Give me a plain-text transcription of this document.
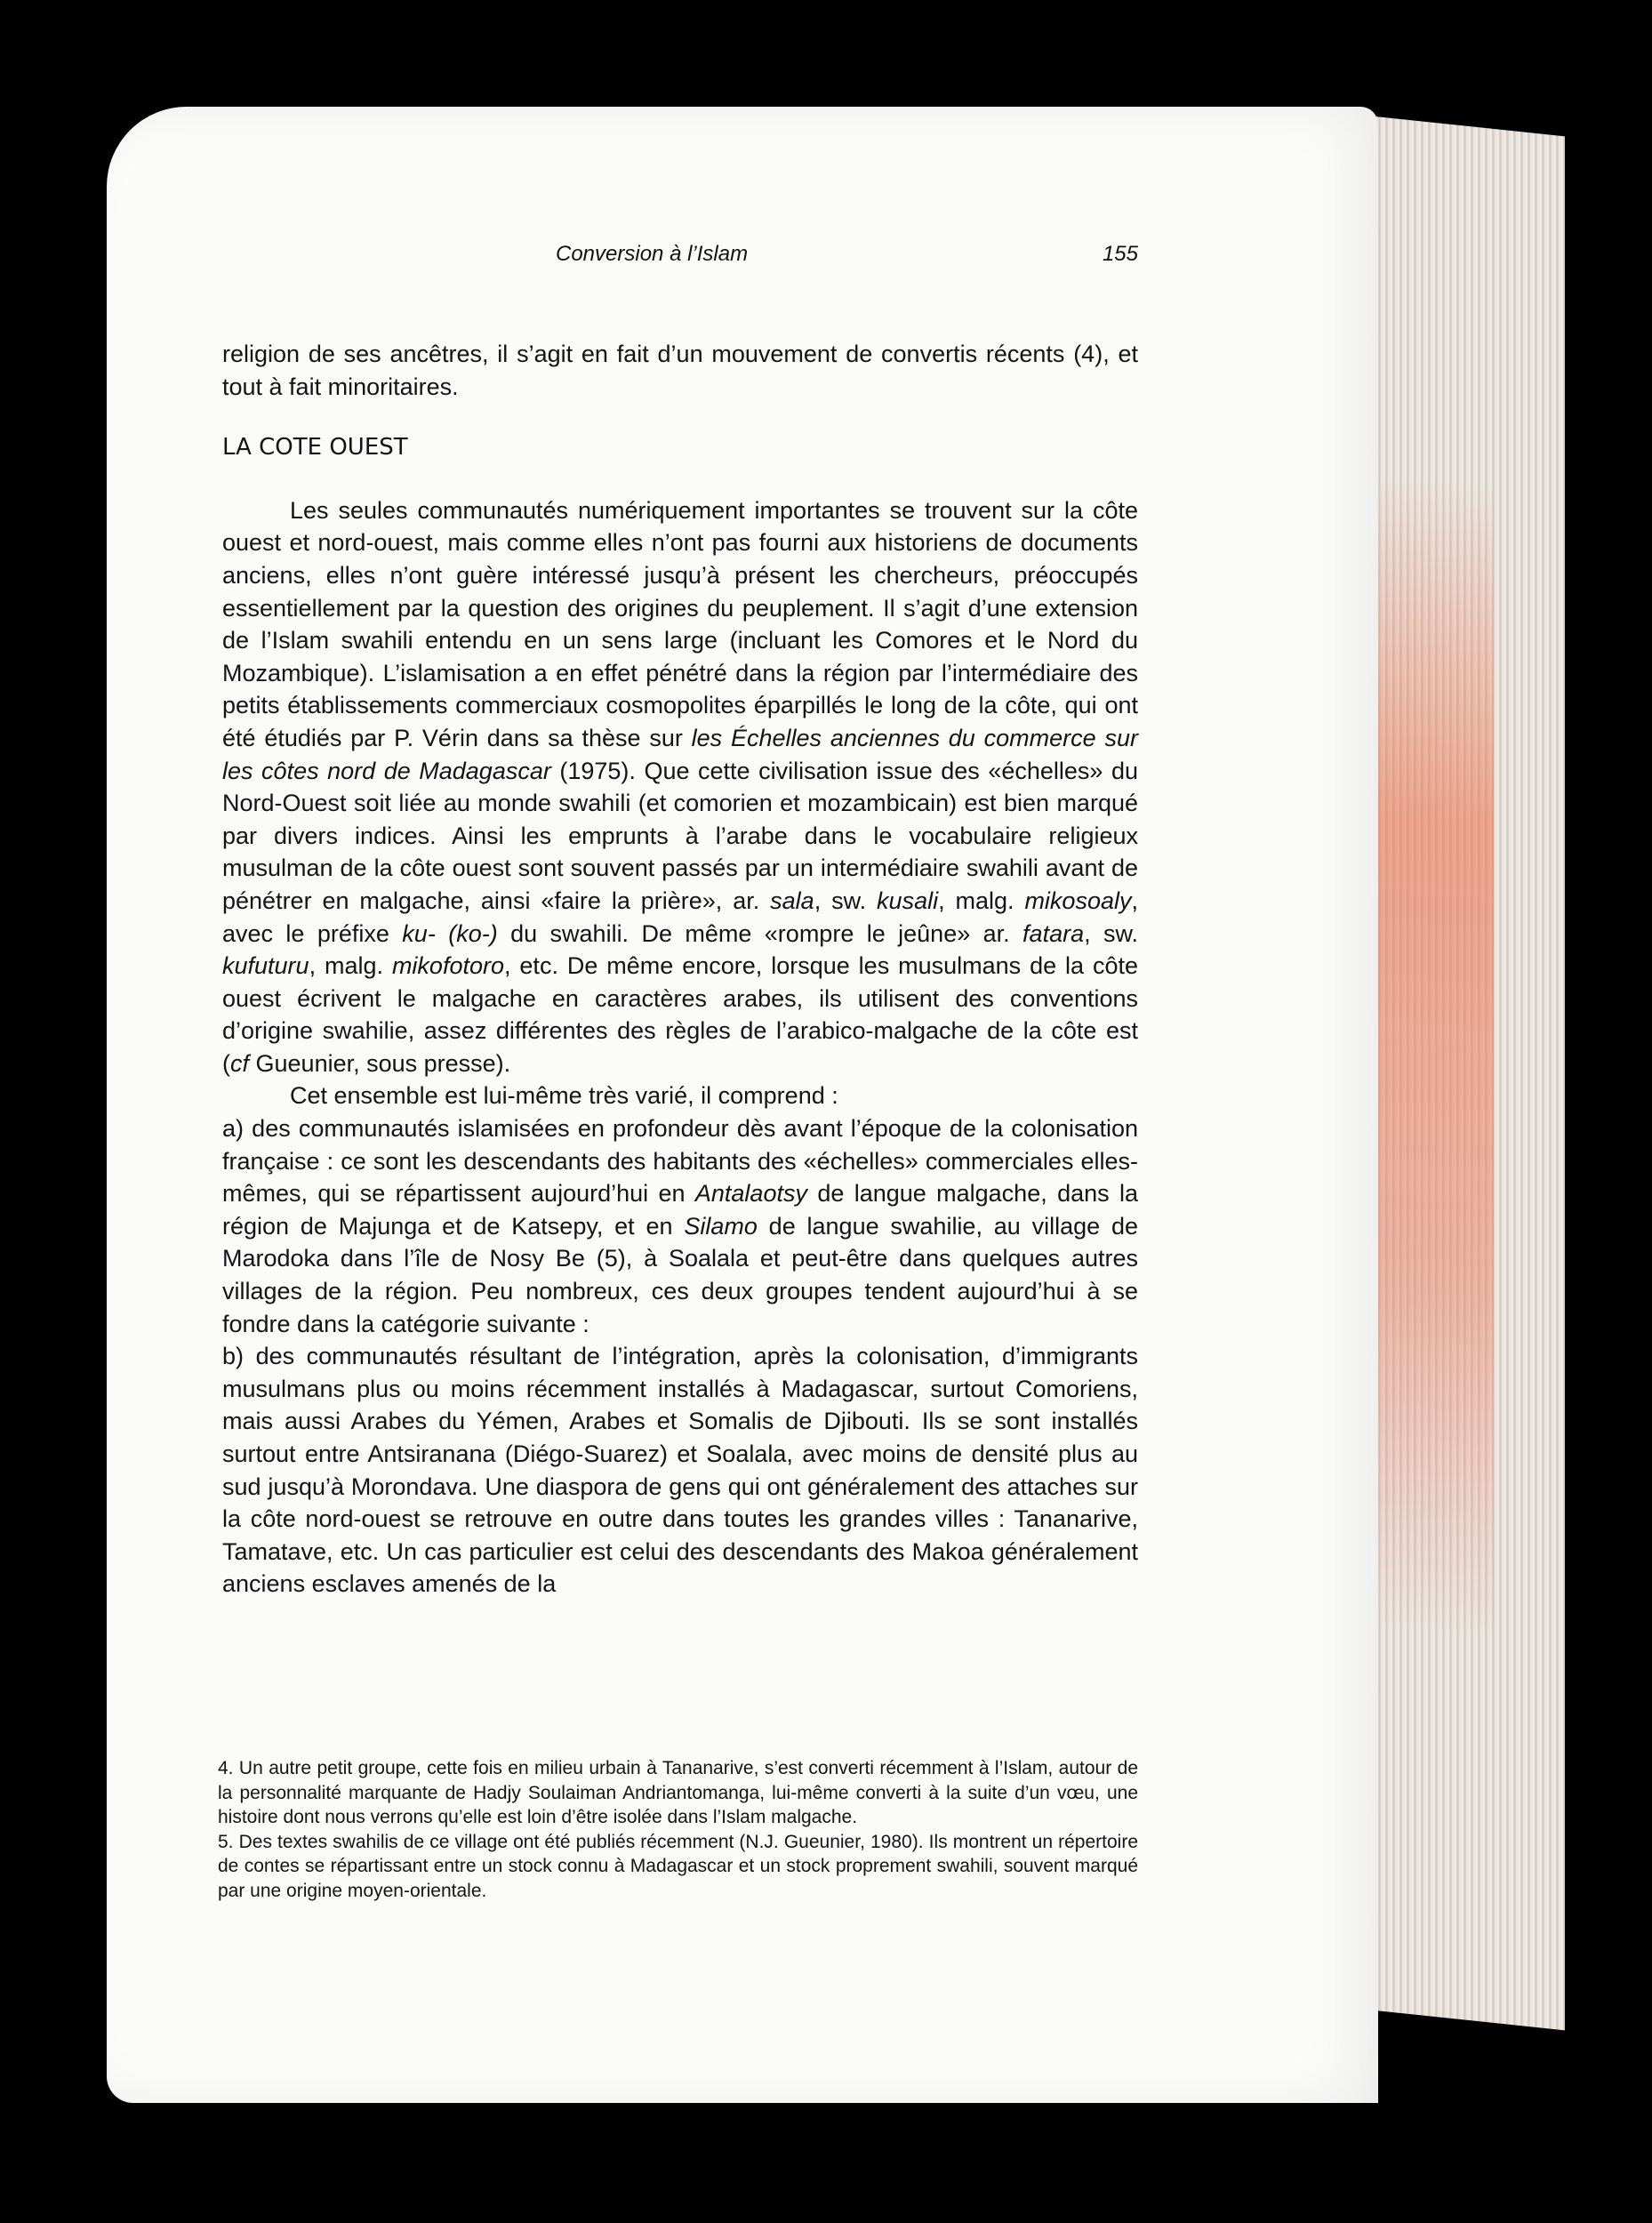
Conversion à l’Islam	155

religion de ses ancêtres, il s’agit en fait d’un mouvement de convertis récents (4), et tout à fait minoritaires.

LA COTE OUEST

Les seules communautés numériquement importantes se trouvent sur la côte ouest et nord-ouest, mais comme elles n’ont pas fourni aux historiens de documents anciens, elles n’ont guère intéressé jusqu’à présent les chercheurs, préoccupés essentiellement par la question des origines du peuplement. Il s’agit d’une extension de l’Islam swahili entendu en un sens large (incluant les Comores et le Nord du Mozambique). L’islamisation a en effet pénétré dans la région par l’intermédiaire des petits établissements commerciaux cosmopolites éparpillés le long de la côte, qui ont été étudiés par P. Vérin dans sa thèse sur les Échelles anciennes du commerce sur les côtes nord de Madagascar (1975). Que cette civilisation issue des «échelles» du Nord-Ouest soit liée au monde swahili (et comorien et mozambicain) est bien marqué par divers indices. Ainsi les emprunts à l’arabe dans le vocabulaire religieux musulman de la côte ouest sont souvent passés par un intermédiaire swahili avant de pénétrer en malgache, ainsi «faire la prière», ar. sala, sw. kusali, malg. mikosoaly, avec le préfixe ku- (ko-) du swahili. De même «rompre le jeûne» ar. fatara, sw. kufuturu, malg. mikofotoro, etc. De même encore, lorsque les musulmans de la côte ouest écrivent le malgache en caractères arabes, ils utilisent des conventions d’origine swahilie, assez différentes des règles de l’arabico-malgache de la côte est (cf Gueunier, sous presse).

Cet ensemble est lui-même très varié, il comprend :

a) des communautés islamisées en profondeur dès avant l’époque de la colonisation française : ce sont les descendants des habitants des «échelles» commerciales elles-mêmes, qui se répartissent aujourd’hui en Antalaotsy de langue malgache, dans la région de Majunga et de Katsepy, et en Silamo de langue swahilie, au village de Marodoka dans l’île de Nosy Be (5), à Soalala et peut-être dans quelques autres villages de la région. Peu nombreux, ces deux groupes tendent aujourd’hui à se fondre dans la catégorie suivante :

b) des communautés résultant de l’intégration, après la colonisation, d’immigrants musulmans plus ou moins récemment installés à Madagascar, surtout Comoriens, mais aussi Arabes du Yémen, Arabes et Somalis de Djibouti. Ils se sont installés surtout entre Antsiranana (Diégo-Suarez) et Soalala, avec moins de densité plus au sud jusqu’à Morondava. Une diaspora de gens qui ont généralement des attaches sur la côte nord-ouest se retrouve en outre dans toutes les grandes villes : Tananarive, Tamatave, etc. Un cas particulier est celui des descendants des Makoa généralement anciens esclaves amenés de la

4. Un autre petit groupe, cette fois en milieu urbain à Tananarive, s’est converti récemment à l’Islam, autour de la personnalité marquante de Hadjy Soulaiman Andriantomanga, lui-même converti à la suite d’un vœu, une histoire dont nous verrons qu’elle est loin d’être isolée dans l’Islam malgache.

5. Des textes swahilis de ce village ont été publiés récemment (N.J. Gueunier, 1980). Ils montrent un répertoire de contes se répartissant entre un stock connu à Madagascar et un stock proprement swahili, souvent marqué par une origine moyen-orientale.
